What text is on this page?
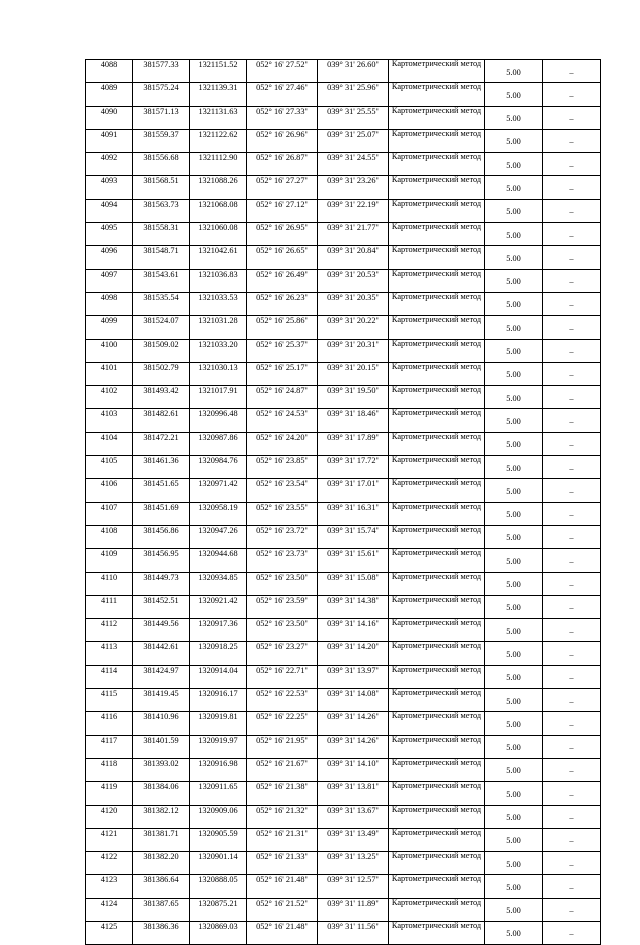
4088	381577.33	1321151.52	052° 16' 27.52"	039° 31' 26.60"	Картометрический метод	5.00	–
4089	381575.24	1321139.31	052° 16' 27.46"	039° 31' 25.96"	Картометрический метод	5.00	–
4090	381571.13	1321131.63	052° 16' 27.33"	039° 31' 25.55"	Картометрический метод	5.00	–
4091	381559.37	1321122.62	052° 16' 26.96"	039° 31' 25.07"	Картометрический метод	5.00	–
4092	381556.68	1321112.90	052° 16' 26.87"	039° 31' 24.55"	Картометрический метод	5.00	–
4093	381568.51	1321088.26	052° 16' 27.27"	039° 31' 23.26"	Картометрический метод	5.00	–
4094	381563.73	1321068.08	052° 16' 27.12"	039° 31' 22.19"	Картометрический метод	5.00	–
4095	381558.31	1321060.08	052° 16' 26.95"	039° 31' 21.77"	Картометрический метод	5.00	–
4096	381548.71	1321042.61	052° 16' 26.65"	039° 31' 20.84"	Картометрический метод	5.00	–
4097	381543.61	1321036.83	052° 16' 26.49"	039° 31' 20.53"	Картометрический метод	5.00	–
4098	381535.54	1321033.53	052° 16' 26.23"	039° 31' 20.35"	Картометрический метод	5.00	–
4099	381524.07	1321031.28	052° 16' 25.86"	039° 31' 20.22"	Картометрический метод	5.00	–
4100	381509.02	1321033.20	052° 16' 25.37"	039° 31' 20.31"	Картометрический метод	5.00	–
4101	381502.79	1321030.13	052° 16' 25.17"	039° 31' 20.15"	Картометрический метод	5.00	–
4102	381493.42	1321017.91	052° 16' 24.87"	039° 31' 19.50"	Картометрический метод	5.00	–
4103	381482.61	1320996.48	052° 16' 24.53"	039° 31' 18.46"	Картометрический метод	5.00	–
4104	381472.21	1320987.86	052° 16' 24.20"	039° 31' 17.89"	Картометрический метод	5.00	–
4105	381461.36	1320984.76	052° 16' 23.85"	039° 31' 17.72"	Картометрический метод	5.00	–
4106	381451.65	1320971.42	052° 16' 23.54"	039° 31' 17.01"	Картометрический метод	5.00	–
4107	381451.69	1320958.19	052° 16' 23.55"	039° 31' 16.31"	Картометрический метод	5.00	–
4108	381456.86	1320947.26	052° 16' 23.72"	039° 31' 15.74"	Картометрический метод	5.00	–
4109	381456.95	1320944.68	052° 16' 23.73"	039° 31' 15.61"	Картометрический метод	5.00	–
4110	381449.73	1320934.85	052° 16' 23.50"	039° 31' 15.08"	Картометрический метод	5.00	–
4111	381452.51	1320921.42	052° 16' 23.59"	039° 31' 14.38"	Картометрический метод	5.00	–
4112	381449.56	1320917.36	052° 16' 23.50"	039° 31' 14.16"	Картометрический метод	5.00	–
4113	381442.61	1320918.25	052° 16' 23.27"	039° 31' 14.20"	Картометрический метод	5.00	–
4114	381424.97	1320914.04	052° 16' 22.71"	039° 31' 13.97"	Картометрический метод	5.00	–
4115	381419.45	1320916.17	052° 16' 22.53"	039° 31' 14.08"	Картометрический метод	5.00	–
4116	381410.96	1320919.81	052° 16' 22.25"	039° 31' 14.26"	Картометрический метод	5.00	–
4117	381401.59	1320919.97	052° 16' 21.95"	039° 31' 14.26"	Картометрический метод	5.00	–
4118	381393.02	1320916.98	052° 16' 21.67"	039° 31' 14.10"	Картометрический метод	5.00	–
4119	381384.06	1320911.65	052° 16' 21.38"	039° 31' 13.81"	Картометрический метод	5.00	–
4120	381382.12	1320909.06	052° 16' 21.32"	039° 31' 13.67"	Картометрический метод	5.00	–
4121	381381.71	1320905.59	052° 16' 21.31"	039° 31' 13.49"	Картометрический метод	5.00	–
4122	381382.20	1320901.14	052° 16' 21.33"	039° 31' 13.25"	Картометрический метод	5.00	–
4123	381386.64	1320888.05	052° 16' 21.48"	039° 31' 12.57"	Картометрический метод	5.00	–
4124	381387.65	1320875.21	052° 16' 21.52"	039° 31' 11.89"	Картометрический метод	5.00	–
4125	381386.36	1320869.03	052° 16' 21.48"	039° 31' 11.56"	Картометрический метод	5.00	–
